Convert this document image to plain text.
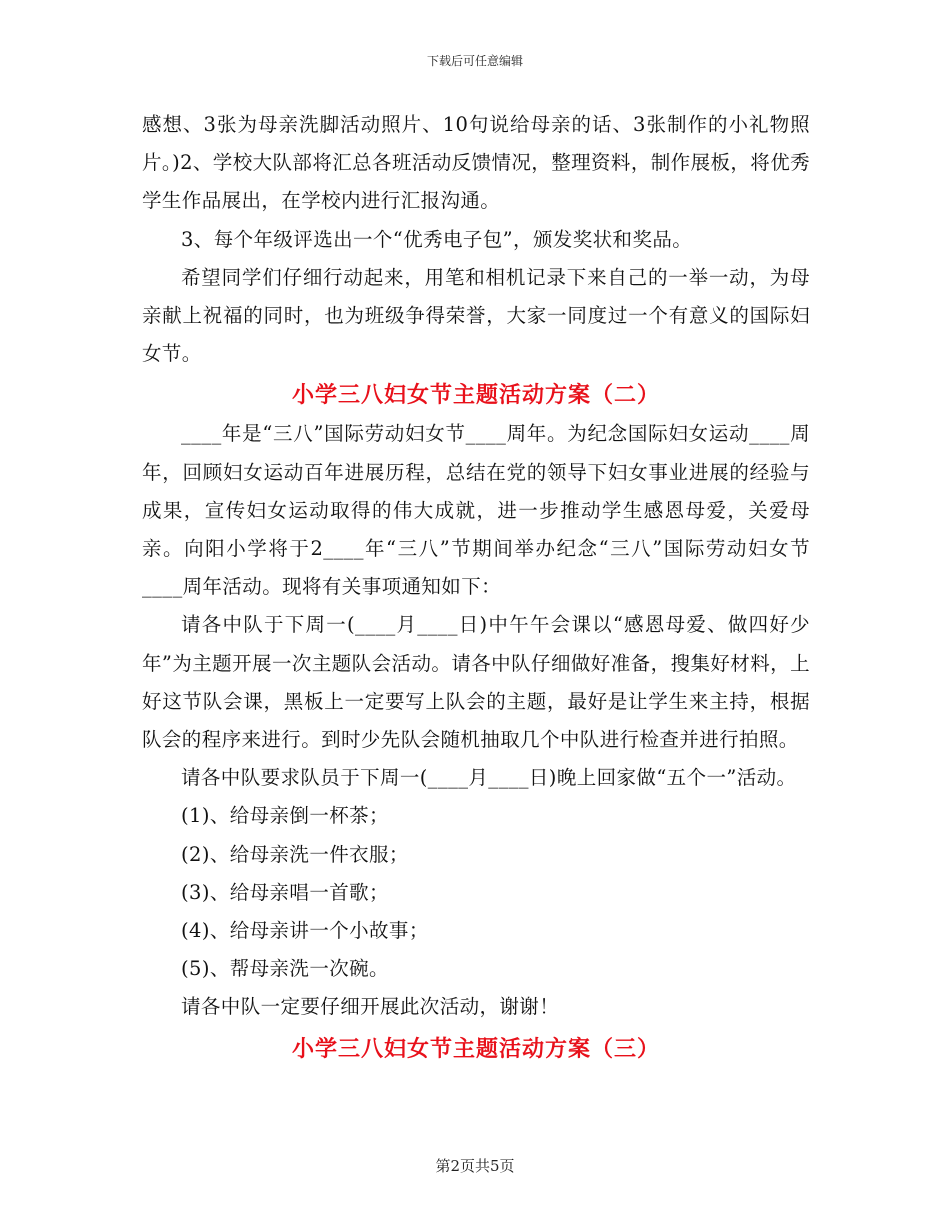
下载后可任意编辑

感想、3张为母亲洗脚活动照片、10句说给母亲的话、3张制作的小礼物照片。)2、学校大队部将汇总各班活动反馈情况，整理资料，制作展板，将优秀学生作品展出，在学校内进行汇报沟通。

3、每个年级评选出一个“优秀电子包”，颁发奖状和奖品。

希望同学们仔细行动起来，用笔和相机记录下来自己的一举一动，为母亲献上祝福的同时，也为班级争得荣誉，大家一同度过一个有意义的国际妇女节。

小学三八妇女节主题活动方案（二）

____年是“三八”国际劳动妇女节____周年。为纪念国际妇女运动____周年，回顾妇女运动百年进展历程，总结在党的领导下妇女事业进展的经验与成果，宣传妇女运动取得的伟大成就，进一步推动学生感恩母爱，关爱母亲。向阳小学将于2____年“三八”节期间举办纪念“三八”国际劳动妇女节____周年活动。现将有关事项通知如下：

请各中队于下周一(____月____日)中午午会课以“感恩母爱、做四好少年”为主题开展一次主题队会活动。请各中队仔细做好准备，搜集好材料，上好这节队会课，黑板上一定要写上队会的主题，最好是让学生来主持，根据队会的程序来进行。到时少先队会随机抽取几个中队进行检查并进行拍照。

请各中队要求队员于下周一(____月____日)晚上回家做“五个一”活动。

(1)、给母亲倒一杯茶；

(2)、给母亲洗一件衣服；

(3)、给母亲唱一首歌；

(4)、给母亲讲一个小故事；

(5)、帮母亲洗一次碗。

请各中队一定要仔细开展此次活动，谢谢！

小学三八妇女节主题活动方案（三）
第2页共5页
